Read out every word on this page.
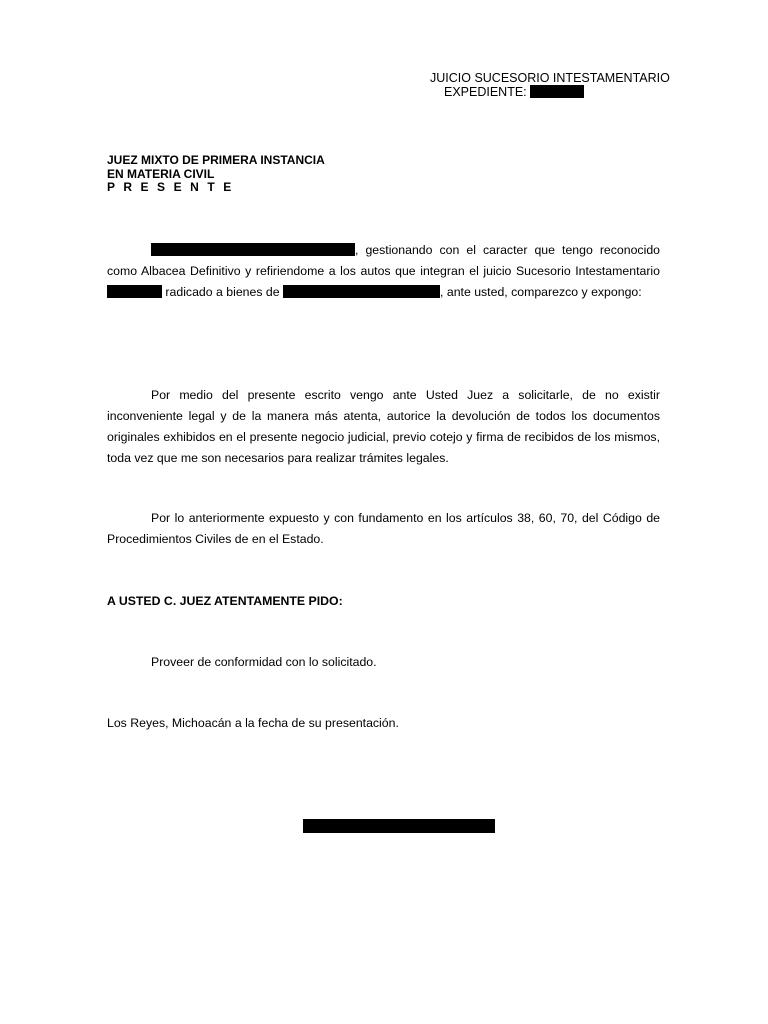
JUICIO SUCESORIO INTESTAMENTARIO
EXPEDIENTE:
JUEZ MIXTO DE PRIMERA INSTANCIA
EN MATERIA CIVIL
P R E S E N T E

, gestionando con el caracter que tengo reconocido como Albacea Definitivo y refiriendome a los autos que integran el juicio Sucesorio Intestamentario  radicado a bienes de	, ante usted, comparezco y expongo:

Por medio del presente escrito vengo ante Usted Juez a solicitarle, de no existir inconveniente legal y de la manera más atenta, autorice la devolución de todos los documentos originales exhibidos en el presente negocio judicial, previo cotejo y firma de recibidos de los mismos, toda vez que me son necesarios para realizar trámites legales.

Por lo anteriormente expuesto y con fundamento en los artículos 38, 60, 70, del Código de Procedimientos Civiles de en el Estado.

A USTED C. JUEZ ATENTAMENTE PIDO:

Proveer de conformidad con lo solicitado.

Los Reyes, Michoacán a la fecha de su presentación.
